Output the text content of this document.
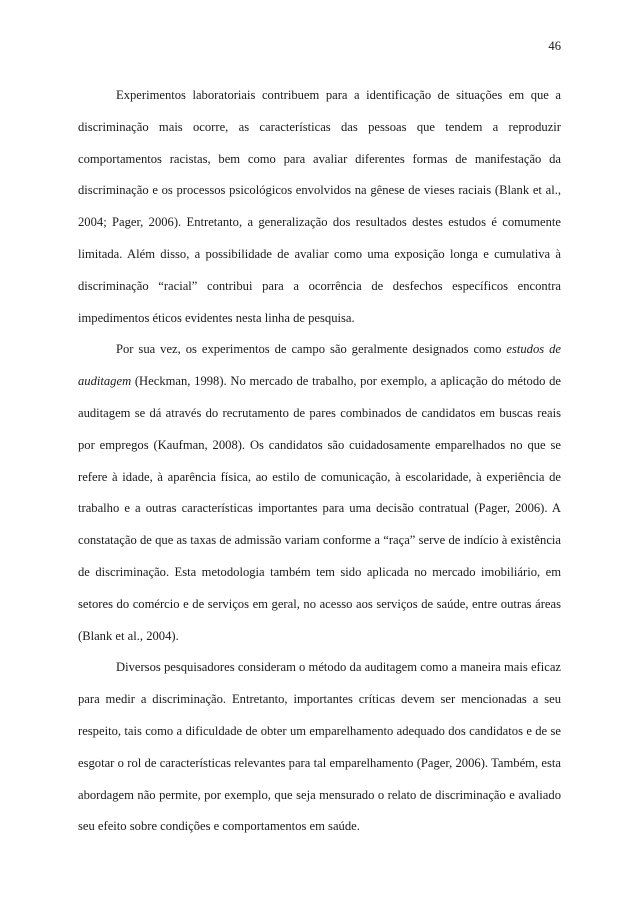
46

Experimentos laboratoriais contribuem para a identificação de situações em que a discriminação mais ocorre, as características das pessoas que tendem a reproduzir comportamentos racistas, bem como para avaliar diferentes formas de manifestação da discriminação e os processos psicológicos envolvidos na gênese de vieses raciais (Blank et al., 2004; Pager, 2006). Entretanto, a generalização dos resultados destes estudos é comumente limitada. Além disso, a possibilidade de avaliar como uma exposição longa e cumulativa à discriminação “racial” contribui para a ocorrência de desfechos específicos encontra impedimentos éticos evidentes nesta linha de pesquisa.

Por sua vez, os experimentos de campo são geralmente designados como estudos de auditagem (Heckman, 1998). No mercado de trabalho, por exemplo, a aplicação do método de auditagem se dá através do recrutamento de pares combinados de candidatos em buscas reais por empregos (Kaufman, 2008). Os candidatos são cuidadosamente emparelhados no que se refere à idade, à aparência física, ao estilo de comunicação, à escolaridade, à experiência de trabalho e a outras características importantes para uma decisão contratual (Pager, 2006). A constatação de que as taxas de admissão variam conforme a “raça” serve de indício à existência de discriminação. Esta metodologia também tem sido aplicada no mercado imobiliário, em setores do comércio e de serviços em geral, no acesso aos serviços de saúde, entre outras áreas (Blank et al., 2004).

Diversos pesquisadores consideram o método da auditagem como a maneira mais eficaz para medir a discriminação. Entretanto, importantes críticas devem ser mencionadas a seu respeito, tais como a dificuldade de obter um emparelhamento adequado dos candidatos e de se esgotar o rol de características relevantes para tal emparelhamento (Pager, 2006). Também, esta abordagem não permite, por exemplo, que seja mensurado o relato de discriminação e avaliado seu efeito sobre condições e comportamentos em saúde.
